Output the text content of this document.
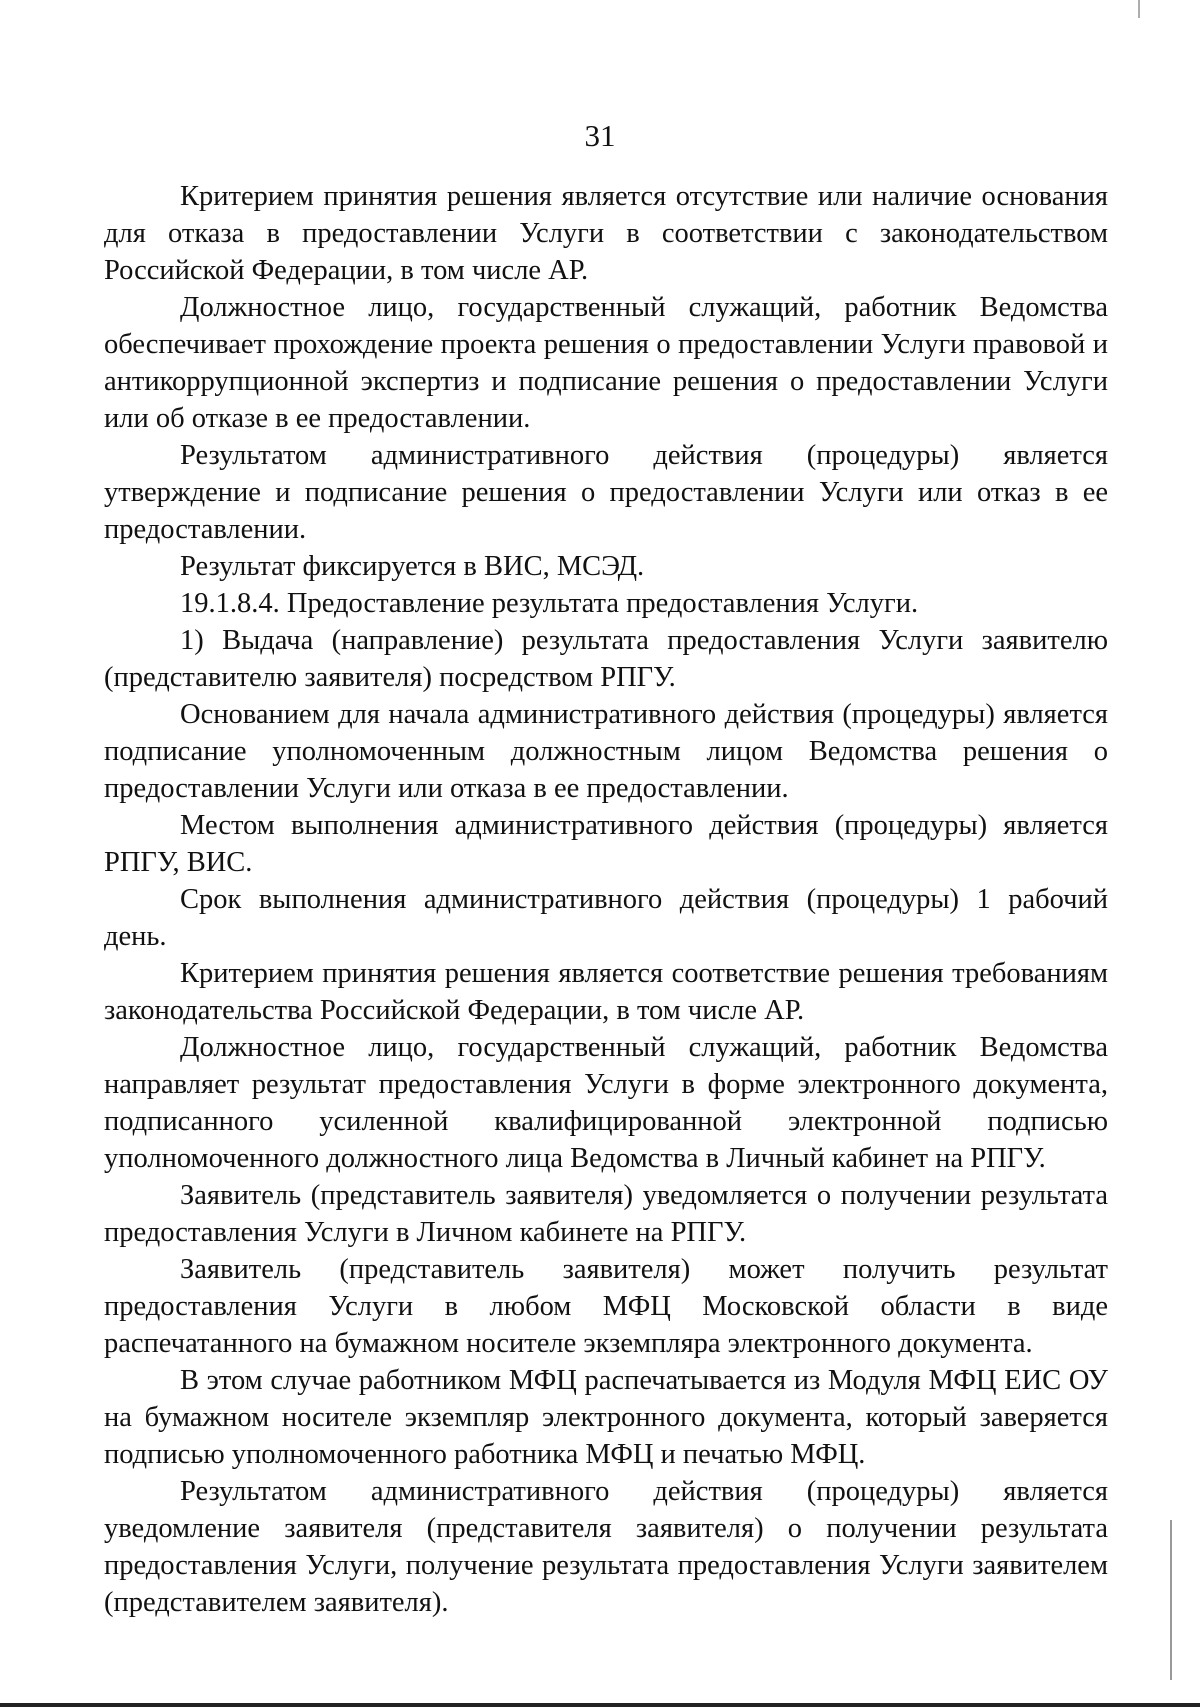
31

Критерием принятия решения является отсутствие или наличие основания для отказа в предоставлении Услуги в соответствии с законодательством Российской Федерации, в том числе АР.

Должностное лицо, государственный служащий, работник Ведомства обеспечивает прохождение проекта решения о предоставлении Услуги правовой и антикоррупционной экспертиз и подписание решения о предоставлении Услуги или об отказе в ее предоставлении.

Результатом административного действия (процедуры) является утверждение и подписание решения о предоставлении Услуги или отказ в ее предоставлении.

Результат фиксируется в ВИС, МСЭД.

19.1.8.4. Предоставление результата предоставления Услуги.

1) Выдача (направление) результата предоставления Услуги заявителю (представителю заявителя) посредством РПГУ.

Основанием для начала административного действия (процедуры) является подписание уполномоченным должностным лицом Ведомства решения о предоставлении Услуги или отказа в ее предоставлении.

Местом выполнения административного действия (процедуры) является РПГУ, ВИС.

Срок выполнения административного действия (процедуры) 1 рабочий день.

Критерием принятия решения является соответствие решения требованиям законодательства Российской Федерации, в том числе АР.

Должностное лицо, государственный служащий, работник Ведомства направляет результат предоставления Услуги в форме электронного документа, подписанного усиленной квалифицированной электронной подписью уполномоченного должностного лица Ведомства в Личный кабинет на РПГУ.

Заявитель (представитель заявителя) уведомляется о получении результата предоставления Услуги в Личном кабинете на РПГУ.

Заявитель (представитель заявителя) может получить результат предоставления Услуги в любом МФЦ Московской области в виде распечатанного на бумажном носителе экземпляра электронного документа.

В этом случае работником МФЦ распечатывается из Модуля МФЦ ЕИС ОУ на бумажном носителе экземпляр электронного документа, который заверяется подписью уполномоченного работника МФЦ и печатью МФЦ.

Результатом административного действия (процедуры) является уведомление заявителя (представителя заявителя) о получении результата предоставления Услуги, получение результата предоставления Услуги заявителем (представителем заявителя).
